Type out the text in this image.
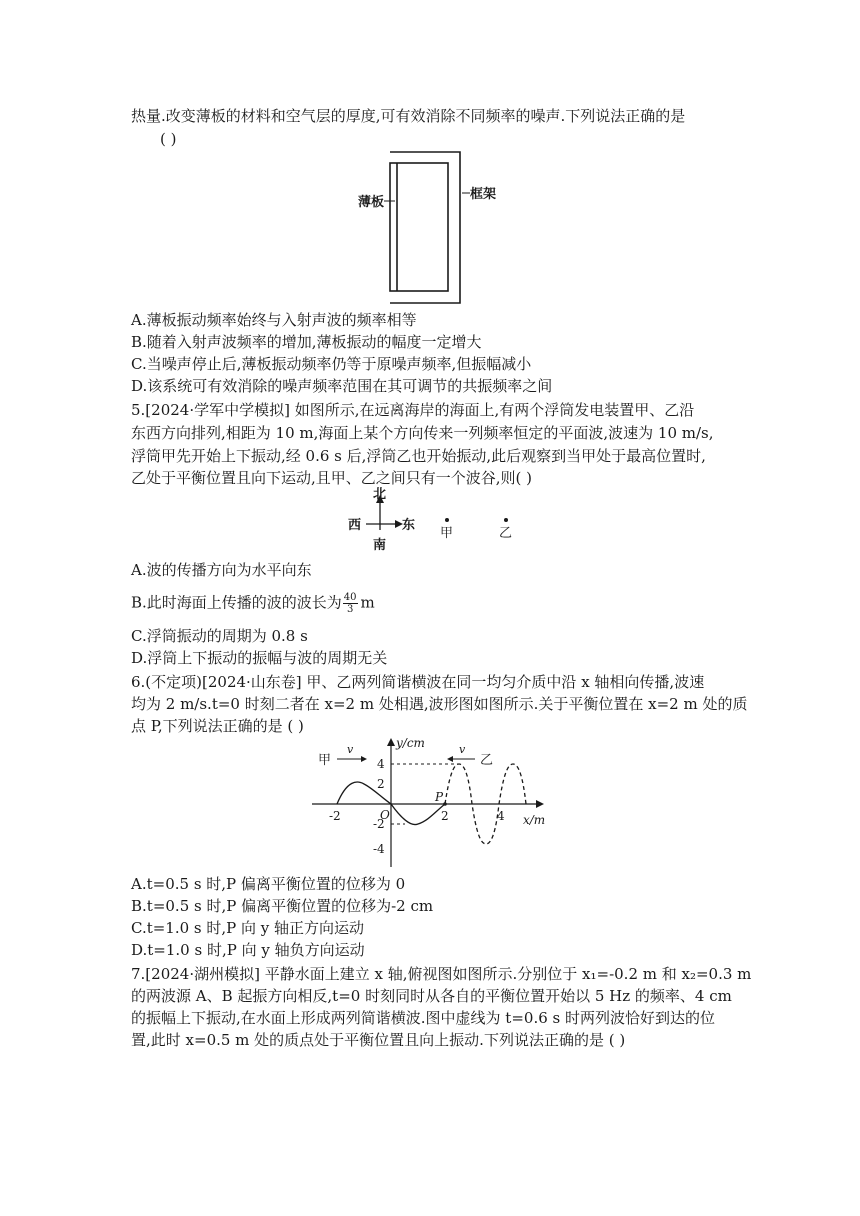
热量.改变薄板的材料和空气层的厚度,可有效消除不同频率的噪声.下列说法正确的是
( )
薄板
框架
A.薄板振动频率始终与入射声波的频率相等
B.随着入射声波频率的增加,薄板振动的幅度一定增大
C.当噪声停止后,薄板振动频率仍等于原噪声频率,但振幅减小
D.该系统可有效消除的噪声频率范围在其可调节的共振频率之间
5.[2024·学军中学模拟] 如图所示,在远离海岸的海面上,有两个浮筒发电装置甲、乙沿
东西方向排列,相距为 10 m,海面上某个方向传来一列频率恒定的平面波,波速为 10 m/s,
浮筒甲先开始上下振动,经 0.6 s 后,浮筒乙也开始振动,此后观察到当甲处于最高位置时,
乙处于平衡位置且向下运动,且甲、乙之间只有一个波谷,则( )
北
南
西	东
甲	乙
A.波的传播方向为水平向东
B.此时海面上传播的波的波长为 $\frac{40}{3}$ m
C.浮筒振动的周期为 0.8 s
D.浮筒上下振动的振幅与波的周期无关
6.(不定项)[2024·山东卷] 甲、乙两列简谐横波在同一均匀介质中沿 x 轴相向传播,波速
均为 2 m/s.t=0 时刻二者在 x=2 m 处相遇,波形图如图所示.关于平衡位置在 x=2 m 处的质
点 P,下列说法正确的是 ( )
y/cm
x/m
O
P
-2	2	4
4
2
-2
-4
甲
v
乙
v
A.t=0.5 s 时,P 偏离平衡位置的位移为 0
B.t=0.5 s 时,P 偏离平衡位置的位移为-2 cm
C.t=1.0 s 时,P 向 y 轴正方向运动
D.t=1.0 s 时,P 向 y 轴负方向运动
7.[2024·湖州模拟] 平静水面上建立 x 轴,俯视图如图所示.分别位于 x₁=-0.2 m 和 x₂=0.3 m
的两波源 A、B 起振方向相反,t=0 时刻同时从各自的平衡位置开始以 5 Hz 的频率、4 cm
的振幅上下振动,在水面上形成两列简谐横波.图中虚线为 t=0.6 s 时两列波恰好到达的位
置,此时 x=0.5 m 处的质点处于平衡位置且向上振动.下列说法正确的是 ( )
